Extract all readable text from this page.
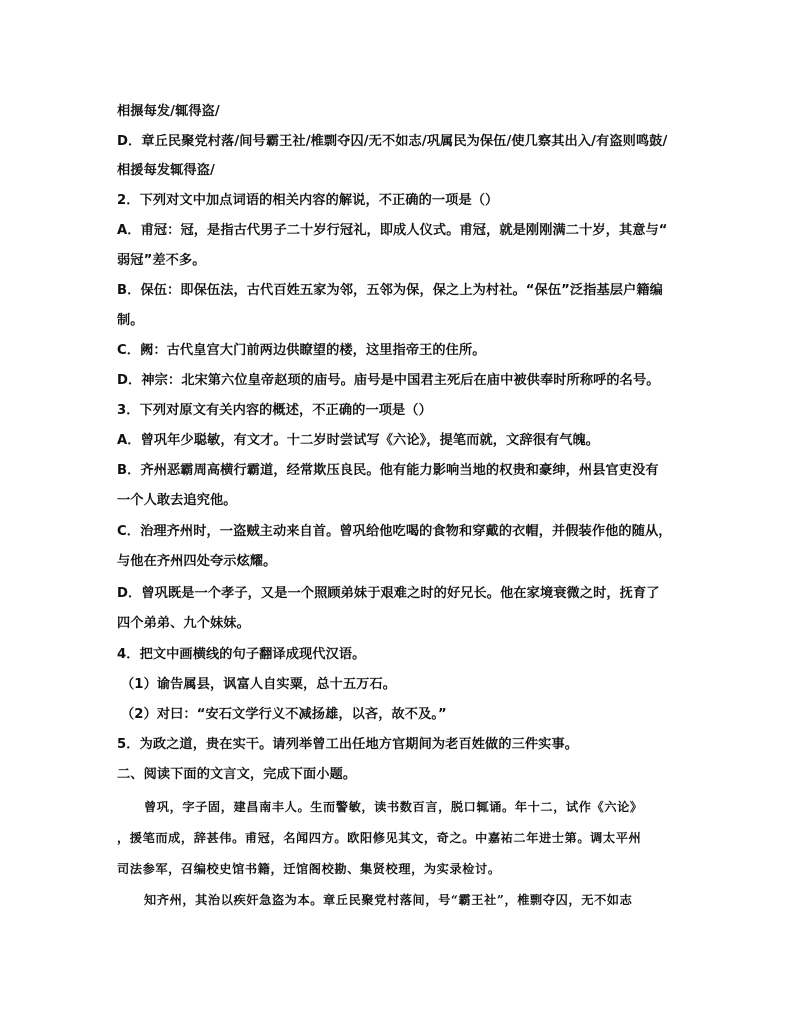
相搌每发/辄得盗/
D．章丘民聚党村落/间号霸王社/椎剽夺囚/无不如志/巩属民为保伍/使几察其出入/有盗则鸣鼓/
相援每发辄得盗/
2．下列对文中加点词语的相关内容的解说，不正确的一项是（）
A．甫冠：冠，是指古代男子二十岁行冠礼，即成人仪式。甫冠，就是刚刚满二十岁，其意与“
弱冠”差不多。
B．保伍：即保伍法，古代百姓五家为邻，五邻为保，保之上为村社。“保伍”泛指基层户籍编
制。
C．阙：古代皇宫大门前两边供瞭望的楼，这里指帝王的住所。
D．神宗：北宋第六位皇帝赵顼的庙号。庙号是中国君主死后在庙中被供奉时所称呼的名号。
3．下列对原文有关内容的概述，不正确的一项是（）
A．曾巩年少聪敏，有文才。十二岁时尝试写《六论》，提笔而就，文辞很有气魄。
B．齐州恶霸周高横行霸道，经常欺压良民。他有能力影响当地的权贵和豪绅，州县官吏没有
一个人敢去追究他。
C．治理齐州时，一盗贼主动来自首。曾巩给他吃喝的食物和穿戴的衣帽，并假装作他的随从，
与他在齐州四处夸示炫耀。
D．曾巩既是一个孝子，又是一个照顾弟妹于艰难之时的好兄长。他在家境衰微之时，抚育了
四个弟弟、九个妹妹。
4．把文中画横线的句子翻译成现代汉语。
（1）谕告属县，讽富人自实粟，总十五万石。
（2）对曰：“安石文学行义不减扬雄，以吝，故不及。”
5．为政之道，贵在实干。请列举曾工出任地方官期间为老百姓做的三件实事。
二、阅读下面的文言文，完成下面小题。
曾巩，字子固，建昌南丰人。生而警敏，读书数百言，脱口辄诵。年十二，试作《六论》
，援笔而成，辞甚伟。甫冠，名闻四方。欧阳修见其文，奇之。中嘉祐二年进士第。调太平州
司法参军，召编校史馆书籍，迁馆阁校勘、集贤校理，为实录检讨。
知齐州，其治以疾奸急盗为本。章丘民聚党村落间，号“霸王社”，椎剽夺囚，无不如志
